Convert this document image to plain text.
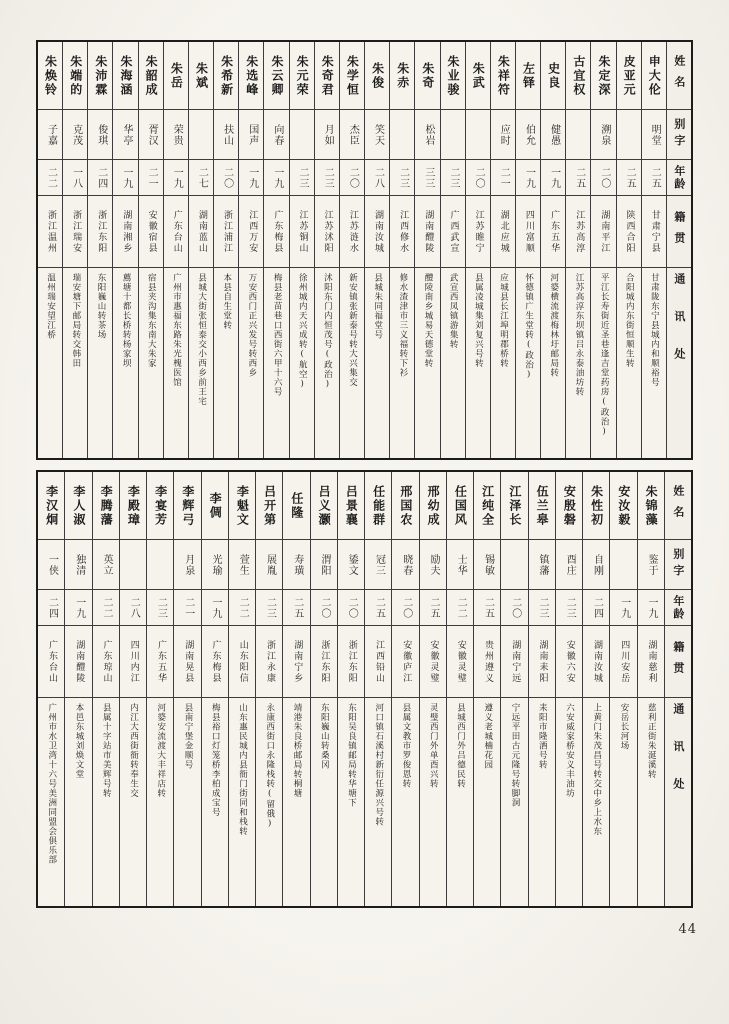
朱焕铃
子嘉
二二
浙江温州
温州瑞安望江桥
朱端的
克茂
一八
浙江瑞安
瑞安塘下邮局转交韩田
朱沛霖
俊琪
二四
浙江东阳
东阳巍山转茶场
朱海涵
华亭
一九
湖南湘乡
薦塘十都长桥转杨家坝
朱韶成
胥汉
二一
安徽宿县
宿县夹沟集东南大朱家
朱岳
荣贵
一九
广东台山
广州市惠福东路朱光槐医馆
朱斌
二七
湖南蓝山
县城大街张恒泰交小西乡前王宅
朱希新
扶山
二〇
浙江浦江
本县自生堂转
朱选峰
国声
一九
江西万安
万安西门正兴发号转西乡
朱云卿
向春
一九
广东梅县
梅县老苗巷口西街六甲十六号
朱元荣
二三
江苏铜山
徐州城内天兴成转(航空)
朱奇君
月如
二三
江苏沭阳
沭阳东门内恒茂号(政治)
朱学恒
杰臣
二〇
江苏涟水
新安镇张新泰号转大兴集交
朱俊
笑天
二八
湖南汝城
县城朱同福堂号
朱赤
二三
江西修水
修水渣津市三义福转下衫
朱奇
松岩
三三
湖南醴陵
醴陵南乡城易天德堂转
朱业骏
二三
广西武宣
武宣西凤镇游集转
朱武
二〇
江苏睢宁
县属凌城集刘复兴号转
朱祥符
应时
二一
湖北应城
应城县长江埠明郡桥转
左铎
伯允
一九
四川富顺
怀德镇广生堂转(政治)
史良
健愚
一九
广东五华
河婆横流渡梅林圩邮局转
古宜权
二五
江苏高淳
江苏高淳东坝镇吕永泰油坊转
朱定深
溯泉
二〇
湖南平江
平江长寿街近圣巷逢吉堂药房(政治)
皮亚元
二五
陕西合阳
合阳城内东街恒顺生转
申大伦
明堂
二五
甘肃宁县
甘肃陇东宁县城内和顺裕号
姓名
别字
年龄
籍贯
通讯处
李汉炯
一侠
二四
广东台山
广州市水卫湾十六号美洲同盟会俱乐部
李人淑
独清
一九
湖南醴陵
本邑东城刘焕文堂
李腾藩
英立
二二
广东琼山
县属十字站市美辉号转
李殿璋
二八
四川内江
内江大西街衙转奉生交
李宴芳
二三
广东五华
河婆安流渡大丰祥店转
李辉弓
月泉
二一
湖南晃县
县南宁堡金顺号
李倜
光瑜
一九
广东梅县
梅县裕口灯笼桥李柏成宝号
李魁文
萱生
二二
山东阳信
山东惠民城内县衙门街同和栈转
吕开第
展胤
二三
浙江永康
永康西街口永隆栈转(留俄)
任隆
寿璜
二五
湖南宁乡
靖港朱良桥邮局转桐塘
吕义灏
渭阳
二〇
浙江东阳
东阳巍山转桑冈
吕景襄
鋈文
二〇
浙江东阳
东阳吴良镇邮局转华塘下
任能群
冠三
二五
江西铅山
河口镇石溪村新衍任源兴号转
邢国农
晓春
二〇
安徽庐江
县属文教市罗俊恩转
邢幼成
励夫
二五
安徽灵璧
灵璧西门外单酉兴转
任国风
士华
二二
安徽灵璧
县城西门外吕德民转
江纯全
锡敏
二五
贵州遵义
遵义老城楠花园
江泽长
二〇
湖南宁远
宁远平田古元隆号转脚洞
伍兰皋
镇藩
二三
湖南耒阳
耒阳市隆酒号转
安殷磐
酉庄
二三
安徽六安
六安威家桥安义丰油坊
朱性初
自刚
二四
湖南汝城
上黄门朱茂昌号转交中乡上水东
安汝毅
一九
四川安岳
安岳长河场
朱锦藻
鉴于
一九
湖南慈利
慈利正街朱涎溪转
姓名
别字
年龄
籍贯
通讯处
44
